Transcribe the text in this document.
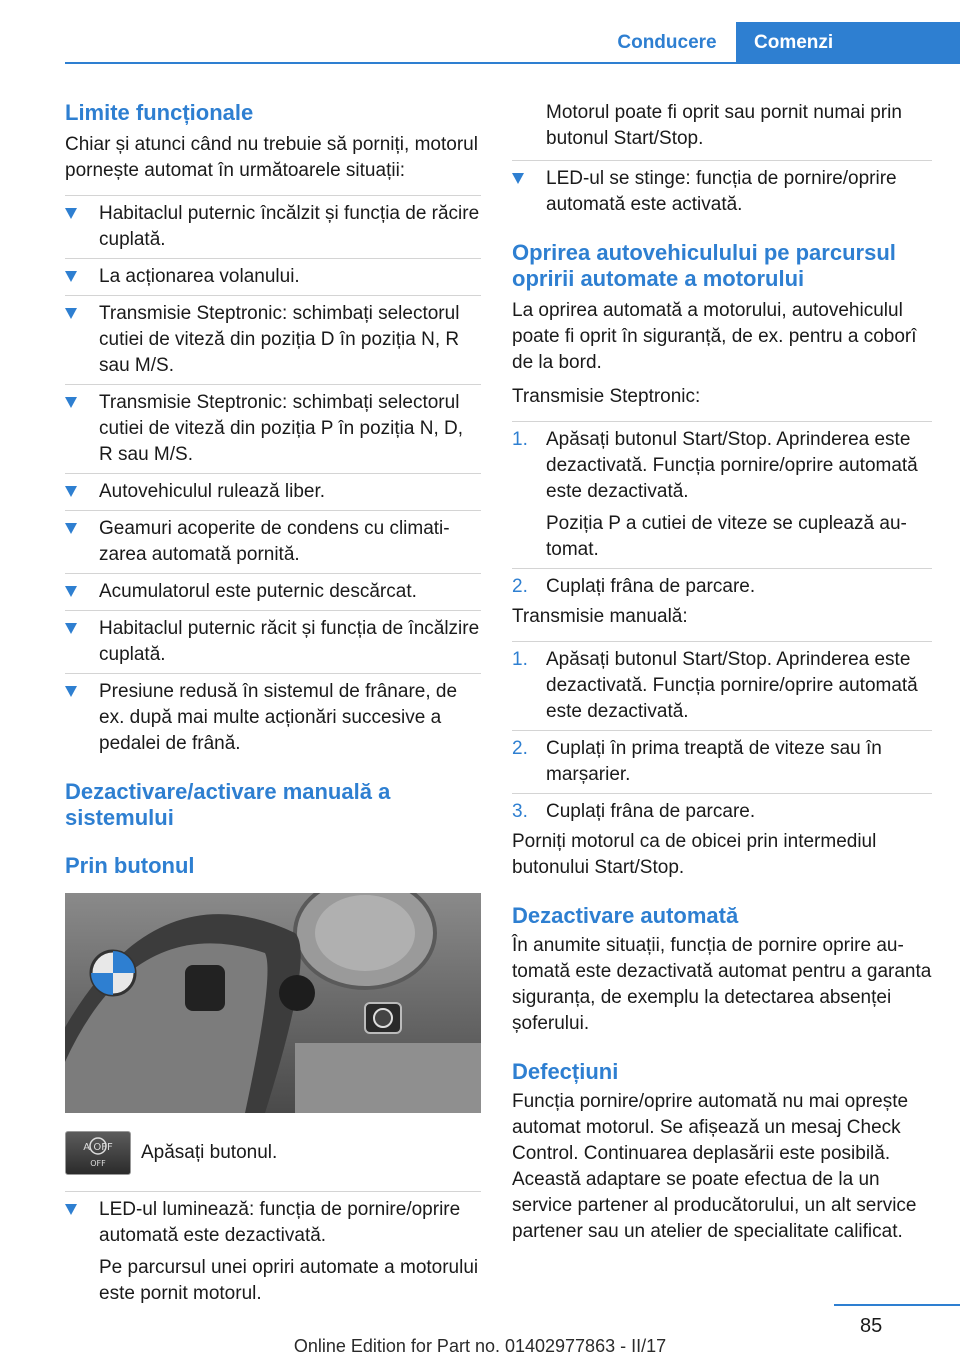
Conducere	Comenzi
Limite funcționale

Chiar și atunci când nu trebuie să porniți, motorul pornește automat în următoarele situații:

Habitaclul puternic încălzit și funcția de răcire cuplată.
La acționarea volanului.
Transmisie Steptronic: schimbați selectorul cutiei de viteză din poziția D în poziția N, R sau M/S.
Transmisie Steptronic: schimbați selectorul cutiei de viteză din poziția P în poziția N, D, R sau M/S.
Autovehiculul rulează liber.
Geamuri acoperite de condens cu climatizarea automată pornită.
Acumulatorul este puternic descărcat.
Habitaclul puternic răcit și funcția de încălzire cuplată.
Presiune redusă în sistemul de frânare, de ex. după mai multe acționări succesive a pedalei de frână.
Dezactivare/activare manuală a sistemului
Prin butonul
A OFF
OFF
Apăsați butonul.
LED-ul luminează: funcția de pornire/oprire automată este dezactivată.
Pe parcursul unei opriri automate a motorului este pornit motorul.
Motorul poate fi oprit sau pornit numai prin butonul Start/Stop.
LED-ul se stinge: funcția de pornire/oprire automată este activată.
Oprirea autovehiculului pe parcursul opririi automate a motorului

La oprirea automată a motorului, autovehiculul poate fi oprit în siguranță, de ex. pentru a coborî de la bord.

Transmisie Steptronic:

1. Apăsați butonul Start/Stop. Aprinderea este dezactivată. Funcția pornire/oprire automată este dezactivată.
Poziția P a cutiei de viteze se cuplează automat.
2. Cuplați frâna de parcare.

Transmisie manuală:

1. Apăsați butonul Start/Stop. Aprinderea este dezactivată. Funcția pornire/oprire automată este dezactivată.
2. Cuplați în prima treaptă de viteze sau în marșarier.
3. Cuplați frâna de parcare.

Porniți motorul ca de obicei prin intermediul butonului Start/Stop.

Dezactivare automată

În anumite situații, funcția de pornire oprire automată este dezactivată automat pentru a garanta siguranța, de exemplu la detectarea absenței șoferului.

Defecțiuni

Funcția pornire/oprire automată nu mai oprește automat motorul. Se afișează un mesaj Check Control. Continuarea deplasării este posibilă. Această adaptare se poate efectua de la un service partener al producătorului, un alt service partener sau un atelier de specialitate calificat.

85
Online Edition for Part no. 01402977863 - II/17
